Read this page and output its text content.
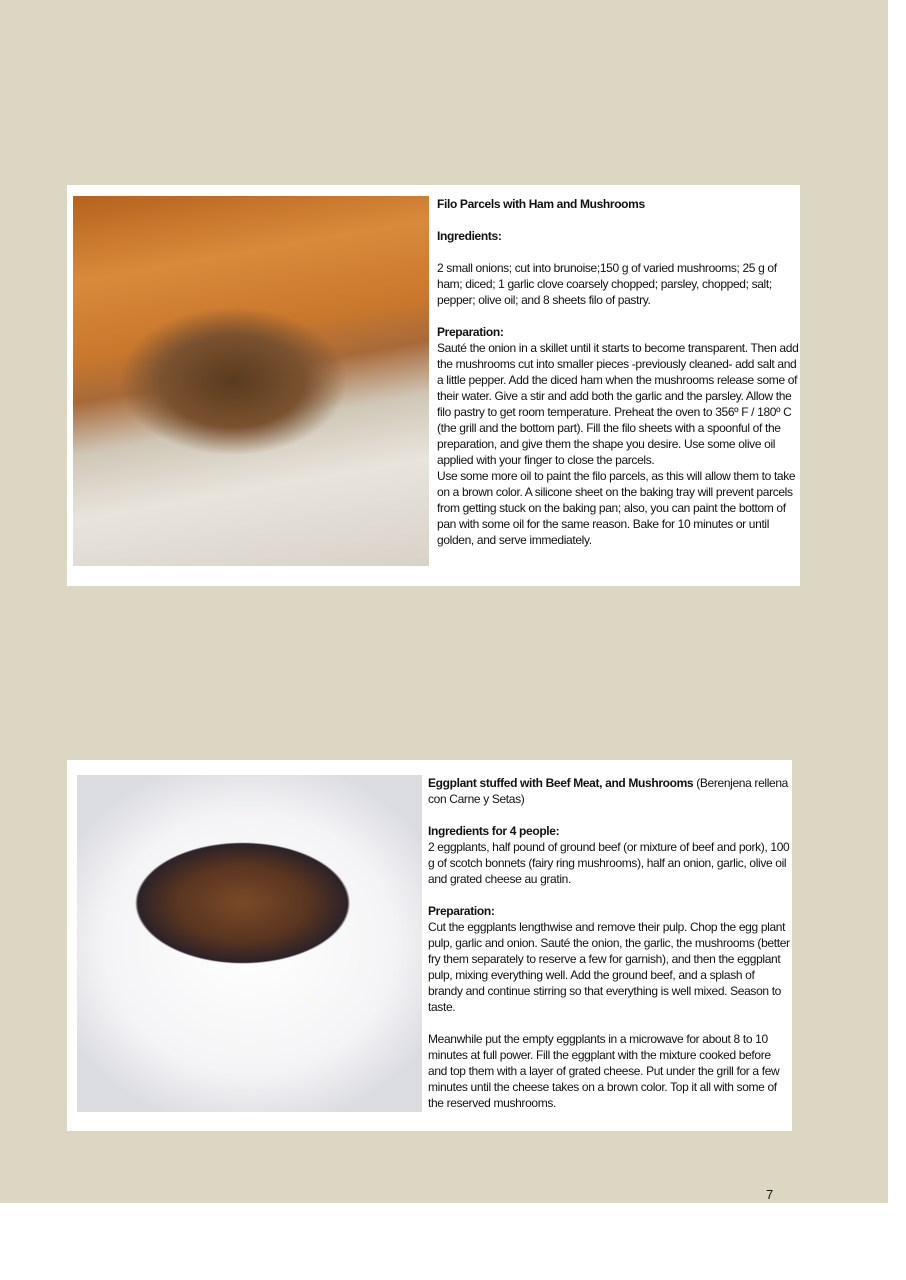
Filo Parcels with Ham and Mushrooms

Ingredients:

2 small onions; cut into brunoise;150 g of varied mushrooms; 25 g of ham; diced; 1 garlic clove coarsely chopped; parsley, chopped; salt; pepper; olive oil; and 8 sheets filo of pastry.

Preparation:

Sauté the onion in a skillet until it starts to become transparent. Then add the mushrooms cut into smaller pieces -previously cleaned- add salt and a little pepper. Add the diced ham when the mushrooms release some of their water. Give a stir and add both the garlic and the parsley. Allow the filo pastry to get room temperature. Preheat the oven to 356º F / 180º C (the grill and the bottom part). Fill the filo sheets with a spoonful of the preparation, and give them the shape you desire. Use some olive oil applied with your finger to close the parcels.

Use some more oil to paint the filo parcels, as this will allow them to take on a brown color. A silicone sheet on the baking tray will prevent parcels from getting stuck on the baking pan; also, you can paint the bottom of pan with some oil for the same reason. Bake for 10 minutes or until golden, and serve immediately.

Eggplant stuffed with Beef Meat, and Mushrooms (Berenjena rellena con Carne y Setas)

Ingredients for 4 people:

2 eggplants, half pound of ground beef (or mixture of beef and pork), 100 g of scotch bonnets (fairy ring mushrooms), half an onion, garlic, olive oil and grated cheese au gratin.

Preparation:

Cut the eggplants lengthwise and remove their pulp. Chop the egg plant pulp, garlic and onion. Sauté the onion, the garlic, the mushrooms (better fry them separately to reserve a few for garnish), and then the eggplant pulp, mixing everything well. Add the ground beef, and a splash of brandy and continue stirring so that everything is well mixed. Season to taste.

Meanwhile put the empty eggplants in a microwave for about 8 to 10 minutes at full power. Fill the eggplant with the mixture cooked before and top them with a layer of grated cheese. Put under the grill for a few minutes until the cheese takes on a brown color. Top it all with some of the reserved mushrooms.

7
